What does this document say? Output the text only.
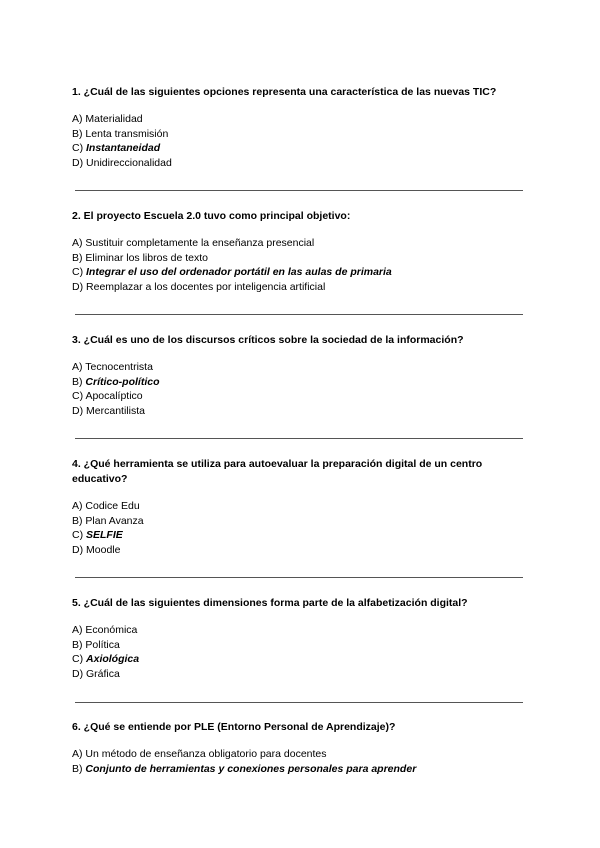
1. ¿Cuál de las siguientes opciones representa una característica de las nuevas TIC?

A) Materialidad
B) Lenta transmisión
C) Instantaneidad
D) Unidireccionalidad

2. El proyecto Escuela 2.0 tuvo como principal objetivo:

A) Sustituir completamente la enseñanza presencial
B) Eliminar los libros de texto
C) Integrar el uso del ordenador portátil en las aulas de primaria
D) Reemplazar a los docentes por inteligencia artificial

3. ¿Cuál es uno de los discursos críticos sobre la sociedad de la información?

A) Tecnocentrista
B) Crítico-político
C) Apocalíptico
D) Mercantilista

4. ¿Qué herramienta se utiliza para autoevaluar la preparación digital de un centro educativo?

A) Codice Edu
B) Plan Avanza
C) SELFIE
D) Moodle

5. ¿Cuál de las siguientes dimensiones forma parte de la alfabetización digital?

A) Económica
B) Política
C) Axiológica
D) Gráfica

6. ¿Qué se entiende por PLE (Entorno Personal de Aprendizaje)?

A) Un método de enseñanza obligatorio para docentes
B) Conjunto de herramientas y conexiones personales para aprender
